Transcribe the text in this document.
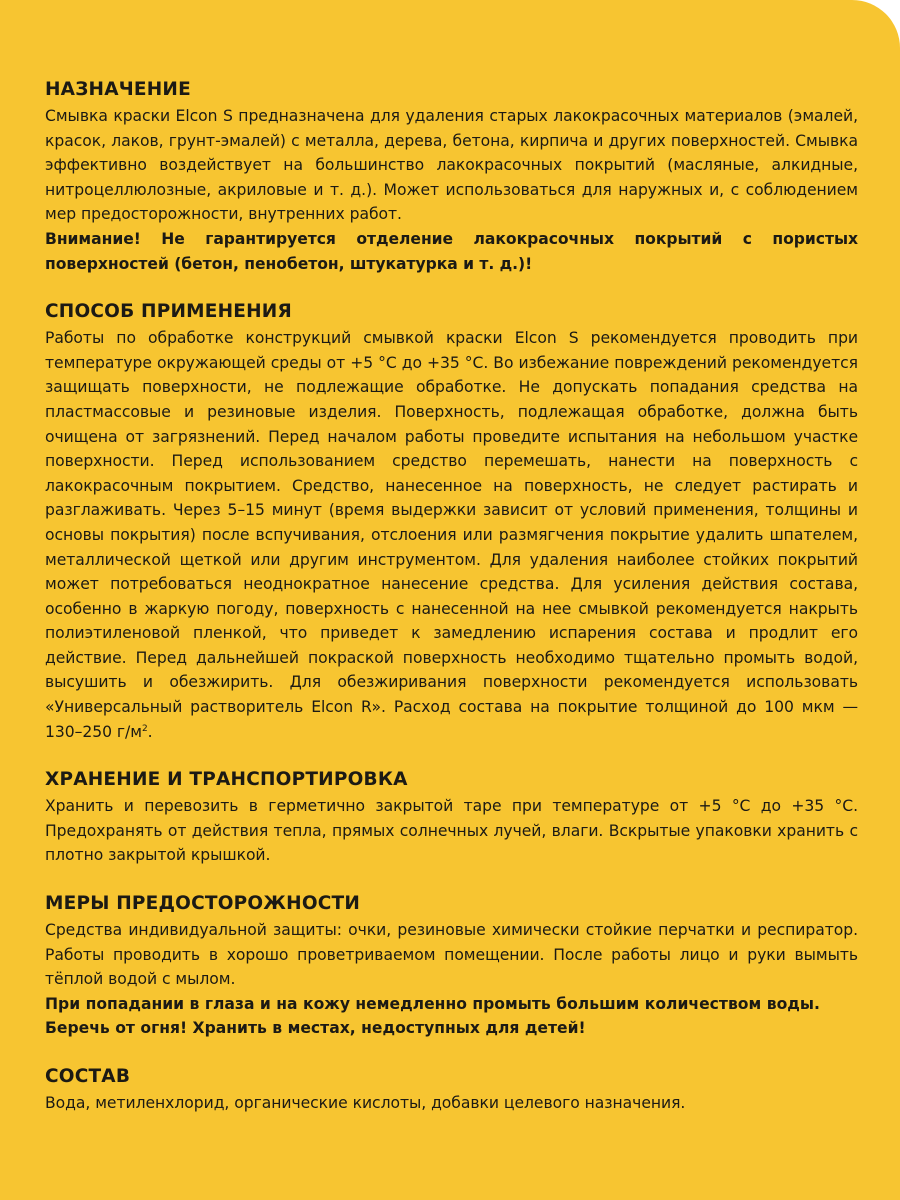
НАЗНАЧЕНИЕ

Смывка краски Elcon S предназначена для удаления старых лакокрасочных материалов (эмалей, красок, лаков, грунт-эмалей) с металла, дерева, бетона, кирпича и других поверхностей. Смывка эффективно воздействует на большинство лакокрасочных покрытий (масляные, алкидные, нитроцеллюлозные, акриловые и т. д.). Может использоваться для наружных и, с соблюдением мер предосторожности, внутренних работ.

Внимание! Не гарантируется отделение лакокрасочных покрытий с пористых поверхностей (бетон, пенобетон, штукатурка и т. д.)!

СПОСОБ ПРИМЕНЕНИЯ

Работы по обработке конструкций смывкой краски Elcon S рекомендуется проводить при температуре окружающей среды от +5 °C до +35 °C. Во избежание повреждений рекомендуется защищать поверхности, не подлежащие обработке. Не допускать попадания средства на пластмассовые и резиновые изделия. Поверхность, подлежащая обработке, должна быть очищена от загрязнений. Перед началом работы проведите испытания на небольшом участке поверхности. Перед использованием средство перемешать, нанести на поверхность с лакокрасочным покрытием. Средство, нанесенное на поверхность, не следует растирать и разглаживать. Через 5–15 минут (время выдержки зависит от условий применения, толщины и основы покрытия) после вспучивания, отслоения или размягчения покрытие удалить шпателем, металлической щеткой или другим инструментом. Для удаления наиболее стойких покрытий может потребоваться неоднократное нанесение средства. Для усиления действия состава, особенно в жаркую погоду, поверхность с нанесенной на нее смывкой рекомендуется накрыть полиэтиленовой пленкой, что приведет к замедлению испарения состава и продлит его действие. Перед дальнейшей покраской поверхность необходимо тщательно промыть водой, высушить и обезжирить. Для обезжиривания поверхности рекомендуется использовать «Универсальный растворитель Elcon R». Расход состава на покрытие толщиной до 100 мкм — 130–250 $г/м^2$.

ХРАНЕНИЕ И ТРАНСПОРТИРОВКА

Хранить и перевозить в герметично закрытой таре при температуре от +5 °C до +35 °C. Предохранять от действия тепла, прямых солнечных лучей, влаги. Вскрытые упаковки хранить с плотно закрытой крышкой.

МЕРЫ ПРЕДОСТОРОЖНОСТИ

Средства индивидуальной защиты: очки, резиновые химически стойкие перчатки и респиратор. Работы проводить в хорошо проветриваемом помещении. После работы лицо и руки вымыть тёплой водой с мылом.

При попадании в глаза и на кожу немедленно промыть большим количеством воды.

Беречь от огня! Хранить в местах, недоступных для детей!

СОСТАВ

Вода, метиленхлорид, органические кислоты, добавки целевого назначения.
